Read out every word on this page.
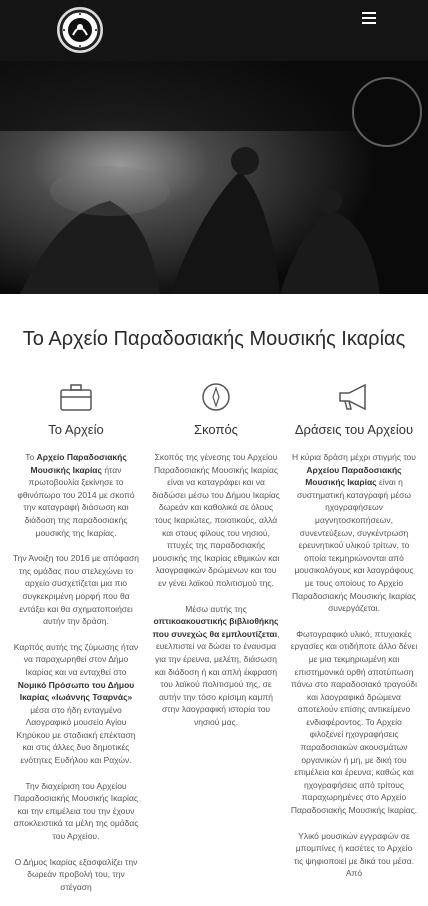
Το Αρχείο Παραδοσιακής Μουσικής Ικαρίας
Το Αρχείο

Το Αρχείο Παραδοσιακής Μουσικής Ικαρίας ήταν πρωτοβουλία ξεκίνησε το φθινόπωρο του 2014 με σκοπό την καταγραφή διάσωση και διάδοση της παραδοσιακής μουσικής της Ικαρίας.

Την Άνοιξη του 2016 με απόφαση της ομάδας που στελεχώνει το αρχείο συσχετίζεται μια πιο συγκεκριμένη μορφή που θα εντάξει και θα σχηματοποιήσει αυτήν την δράση.

Καρπός αυτής της ζύμωσης ήταν να παραχωρηθεί στον Δήμο Ικαρίας και να ενταχθεί στο Νομικό Πρόσωπο του Δήμου Ικαρίας «Ιωάννης Τσαρνάς» μέσα στο ήδη ενταγμένο Λαογραφικό μουσείο Αγίου Κηρύκου με σταδιακή επέκταση και στις άλλες δυο δημοτικές ενότητες Ευδήλου και Ραχών.

Την διαχείριση του Αρχείου Παραδοσιακής Μουσικής Ικαρίας και την επιμέλεια του την έχουν αποκλειστικά τα μέλη της ομάδας του Αρχείου.

Ο Δήμος Ικαρίας εξασφαλίζει την δωρεάν προβολή του, την στέγαση

Σκοπός

Σκοπός της γένεσης του Αρχείου Παραδοσιακής Μουσικής Ικαρίας είναι να καταγράφει και να διαδώσει μέσω του Δήμου Ικαρίας δωρεάν και καθολικά σε όλους τους Ικαριώτες, ποιοτικούς, αλλά και στους φίλους του νησιού, πτυχές της παραδοσιακής μουσικής της Ικαρίας εθιμικών και λαογραφικών δρώμενων και του εν γένει λαϊκού πολιτισμού της.

Μέσω αυτής της οπτικοακουστικής βιβλιοθήκης που συνεχώς θα εμπλουτίζεται, ευελπιστεί να δώσει το έναυσμα για την έρευνα, μελέτη, διάσωση και διάδοση ή και απλή έκφραση του λαϊκού πολιτισμού της, σε αυτήν την τόσο κρίσιμη καμπή στην λαογραφική ιστορία του νησιού μας.

Δράσεις του Αρχείου

Η κύρια δράση μέχρι στιγμής του Αρχείου Παραδοσιακής Μουσικής Ικαρίας είναι η συστηματική καταγραφή μέσω ηχογραφήσεων μαγνητοσκοπήσεων, συνεντεύξεων, συγκέντρωση ερευνητικού υλικού τρίτων, το οποία τεκμηριώνονται από μουσικολόγους και λαογράφους με τους οποίους το Αρχείο Παραδοσιακής Μουσικής Ικαρίας συνεργάζεται.

Φωτογραφικό υλικό, πτυχιακές εργασίες και οτιδήποτε άλλο δένει με μια τεκμηριωμένη και επιστημονικά ορθή αποτύπωση πάνω στο παραδοσιακό τραγούδι και λαογραφικά δρώμενα αποτελούν επίσης αντικείμενο ενδιαφέροντος. Το Αρχείο φιλοξενεί ηχογραφήσεις παραδοσιακών ακουσμάτων οργανικών ή μη, με δική του επιμέλεια και έρευνα, καθώς και ηχογραφήσεις από τρίτους παραχωρημένες στο Αρχείο Παραδοσιακής Μουσικής Ικαρίας.

Υλικό μουσικών εγγραφών σε μπομπίνες ή κασέτες το Αρχείο τις ψηφιοποιεί με δικά του μέσα. Από
